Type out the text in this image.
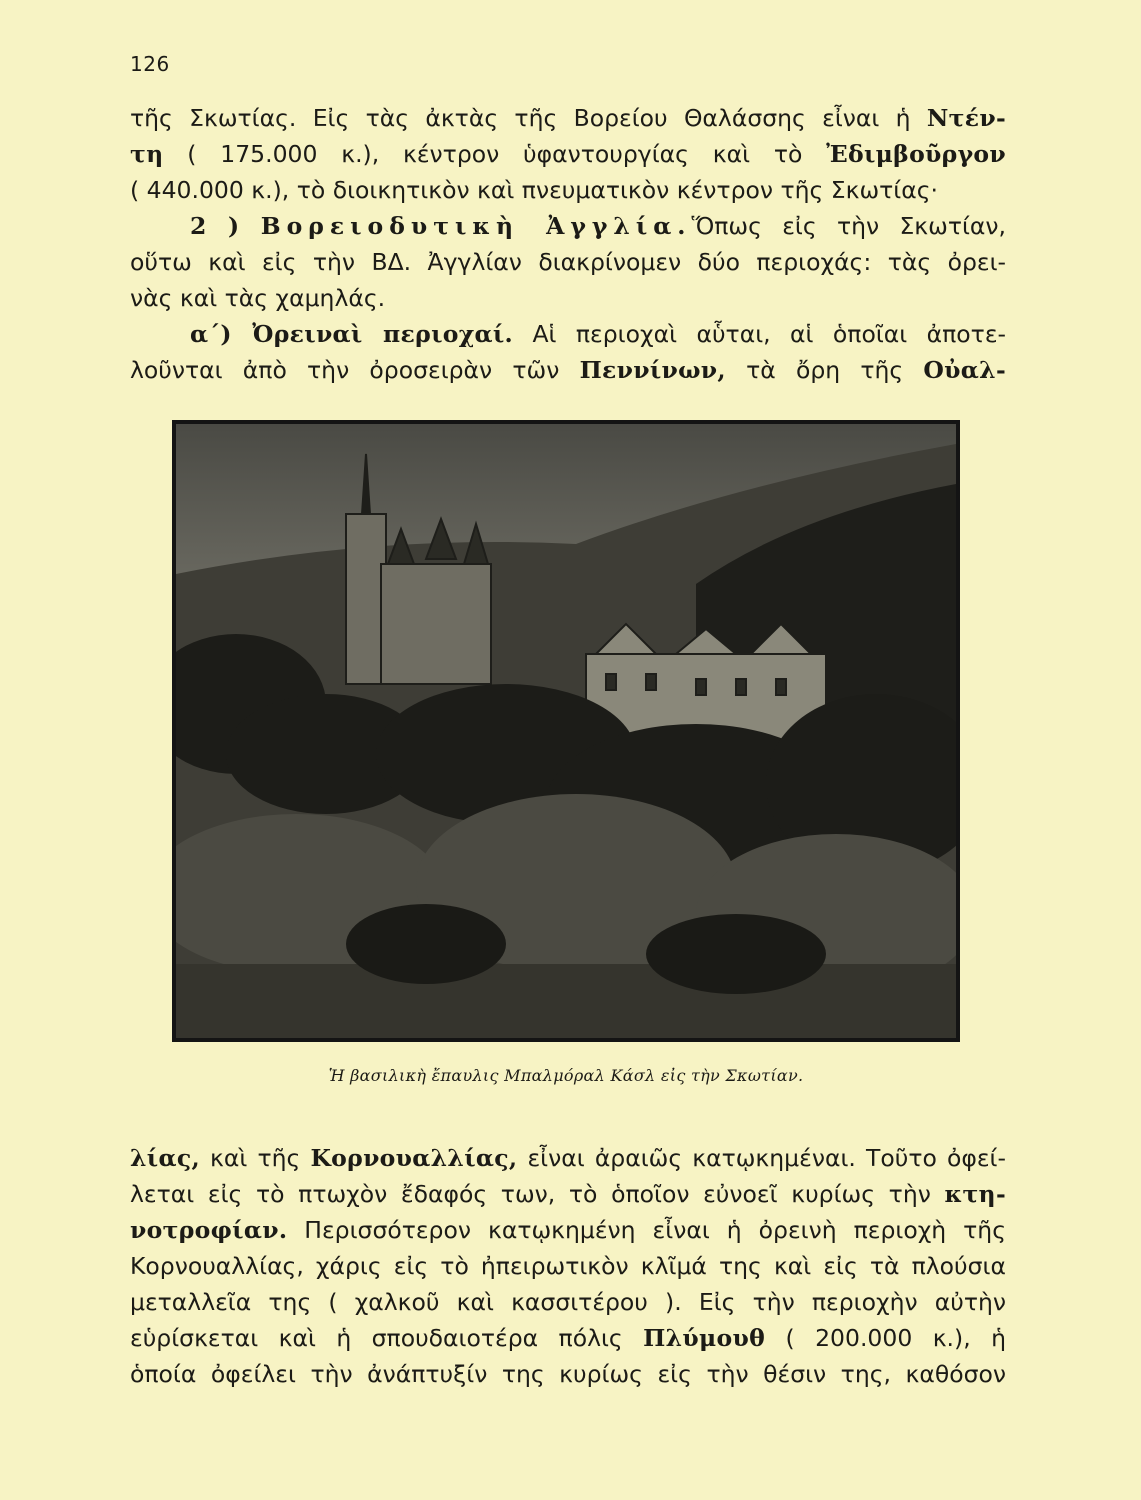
126

τῆς Σκωτίας. Εἰς τὰς ἀκτὰς τῆς Βορείου Θαλάσσης εἶναι ἡ Ντέν-

τη ( 175.000 κ.), κέντρον ὑφαντουργίας καὶ τὸ Ἐδιμβοῦργον

( 440.000 κ.), τὸ διοικητικὸν καὶ πνευματικὸν κέντρον τῆς Σκωτίας·

2 ) Βορειοδυτικὴ Ἀγγλία.Ὅπως εἰς τὴν Σκωτίαν,

οὕτω καὶ εἰς τὴν ΒΔ. Ἀγγλίαν διακρίνομεν δύο περιοχάς: τὰς ὀρει-

νὰς καὶ τὰς χαμηλάς.

α΄) Ὀρειναὶ περιοχαί. Αἱ περιοχαὶ αὗται, αἱ ὁποῖαι ἀποτε-

λοῦνται ἀπὸ τὴν ὀροσειρὰν τῶν Πεννίνων, τὰ ὄρη τῆς Οὐαλ-

Ἡ βασιλικὴ ἔπαυλις Μπαλμόραλ Κάσλ εἰς τὴν Σκωτίαν.

λίας, καὶ τῆς Κορνουαλλίας, εἶναι ἀραιῶς κατῳκημέναι. Τοῦτο ὀφεί-

λεται εἰς τὸ πτωχὸν ἔδαφός των, τὸ ὁποῖον εὐνοεῖ κυρίως τὴν κτη-

νοτροφίαν. Περισσότερον κατῳκημένη εἶναι ἡ ὀρεινὴ περιοχὴ τῆς

Κορνουαλλίας, χάρις εἰς τὸ ἠπειρωτικὸν κλῖμά της καὶ εἰς τὰ πλούσια

μεταλλεῖα της ( χαλκοῦ καὶ κασσιτέρου ). Εἰς τὴν περιοχὴν αὐτὴν

εὑρίσκεται καὶ ἡ σπουδαιοτέρα πόλις Πλύμουθ ( 200.000 κ.), ἡ

ὁποία ὀφείλει τὴν ἀνάπτυξίν της κυρίως εἰς τὴν θέσιν της, καθόσον
